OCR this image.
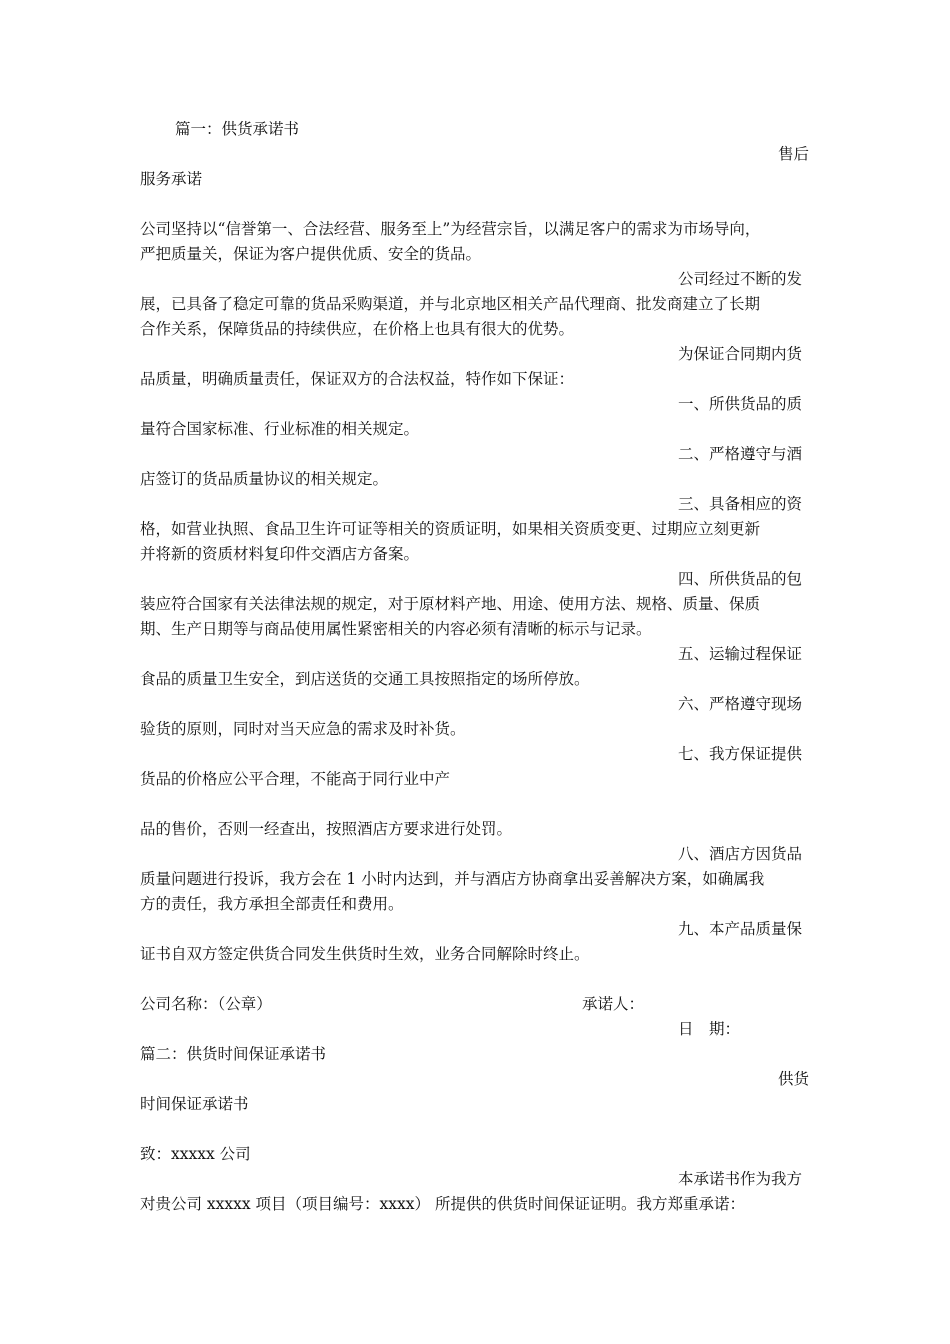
篇一：供货承诺书
售后
服务承诺
公司坚持以“信誉第一、合法经营、服务至上”为经营宗旨，以满足客户的需求为市场导向，
严把质量关，保证为客户提供优质、安全的货品。
公司经过不断的发
展，已具备了稳定可靠的货品采购渠道，并与北京地区相关产品代理商、批发商建立了长期
合作关系，保障货品的持续供应，在价格上也具有很大的优势。
为保证合同期内货
品质量，明确质量责任，保证双方的合法权益，特作如下保证：
一、所供货品的质
量符合国家标准、行业标准的相关规定。
二、严格遵守与酒
店签订的货品质量协议的相关规定。
三、具备相应的资
格，如营业执照、食品卫生许可证等相关的资质证明，如果相关资质变更、过期应立刻更新
并将新的资质材料复印件交酒店方备案。
四、所供货品的包
装应符合国家有关法律法规的规定，对于原材料产地、用途、使用方法、规格、质量、保质
期、生产日期等与商品使用属性紧密相关的内容必须有清晰的标示与记录。
五、运输过程保证
食品的质量卫生安全，到店送货的交通工具按照指定的场所停放。
六、严格遵守现场
验货的原则，同时对当天应急的需求及时补货。
七、我方保证提供
货品的价格应公平合理，不能高于同行业中产
品的售价，否则一经查出，按照酒店方要求进行处罚。
八、酒店方因货品
质量问题进行投诉，我方会在 1 小时内达到，并与酒店方协商拿出妥善解决方案，如确属我
方的责任，我方承担全部责任和费用。
九、本产品质量保
证书自双方签定供货合同发生供货时生效，业务合同解除时终止。
公司名称：（公章）	承诺人：
日　期：
篇二：供货时间保证承诺书
供货
时间保证承诺书
致：xxxxx 公司
本承诺书作为我方
对贵公司 xxxxx 项目（项目编号：xxxx） 所提供的供货时间保证证明。我方郑重承诺：
